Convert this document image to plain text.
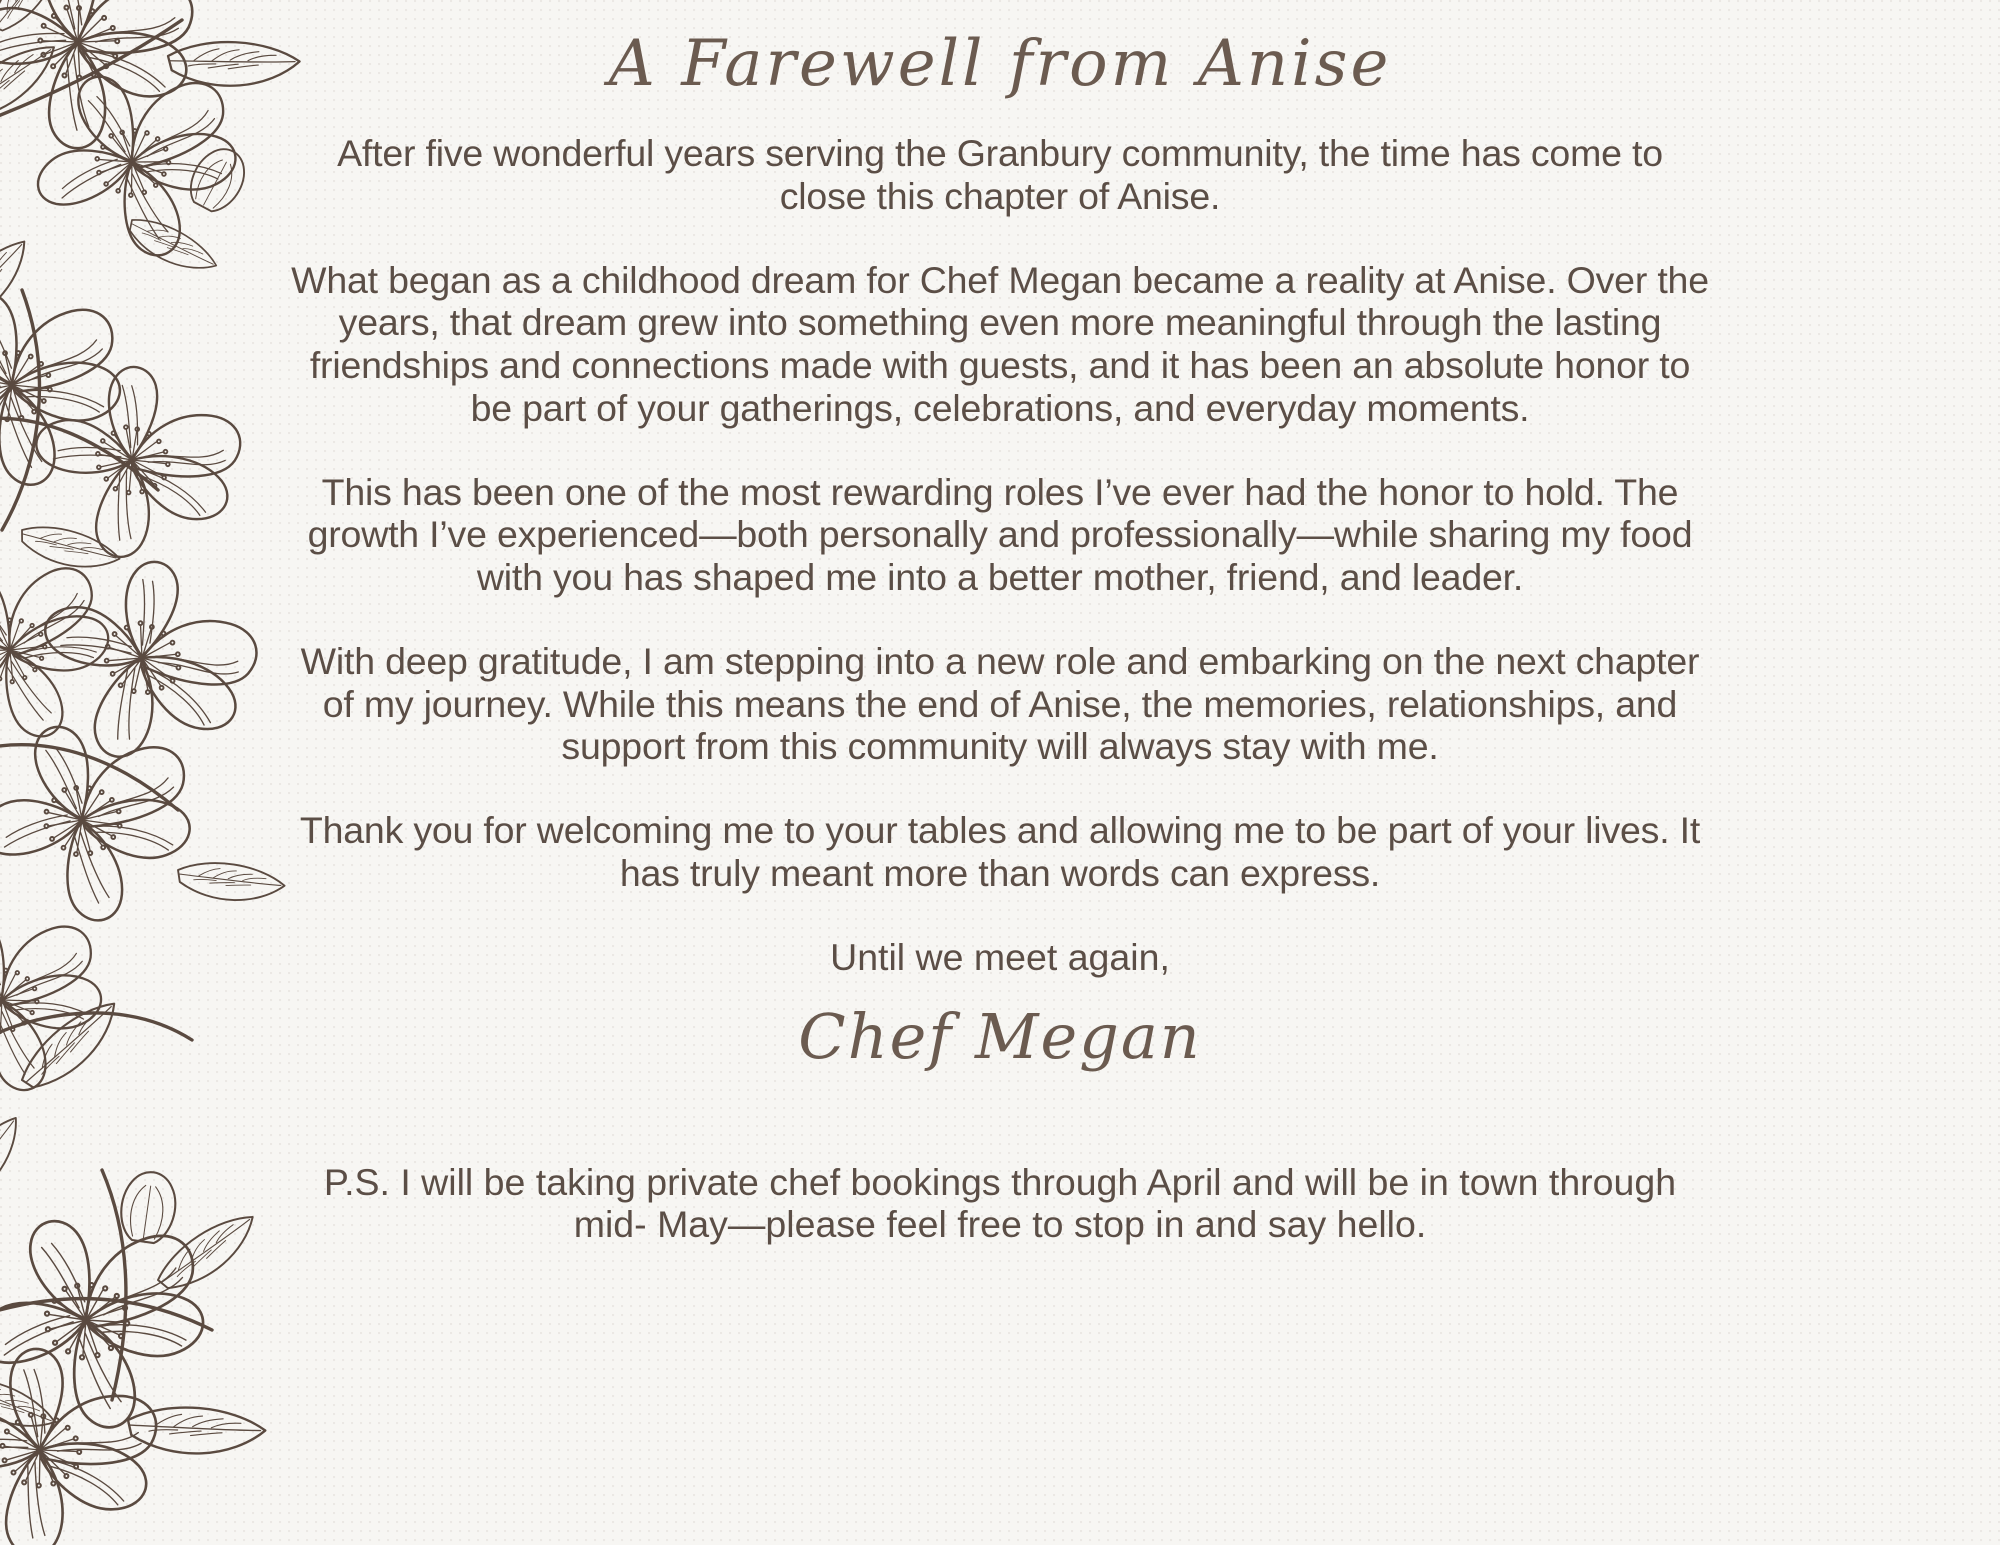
A Farewell from Anise

After five wonderful years serving the Granbury community, the time has come to close this chapter of Anise.

What began as a childhood dream for Chef Megan became a reality at Anise. Over the years, that dream grew into something even more meaningful through the lasting friendships and connections made with guests, and it has been an absolute honor to be part of your gatherings, celebrations, and everyday moments.

This has been one of the most rewarding roles I’ve ever had the honor to hold. The growth I’ve experienced—both personally and professionally—while sharing my food with you has shaped me into a better mother, friend, and leader.

With deep gratitude, I am stepping into a new role and embarking on the next chapter of my journey. While this means the end of Anise, the memories, relationships, and support from this community will always stay with me.

Thank you for welcoming me to your tables and allowing me to be part of your lives. It has truly meant more than words can express.

Until we meet again,

Chef Megan

P.S. I will be taking private chef bookings through April and will be in town through mid- May—please feel free to stop in and say hello.
